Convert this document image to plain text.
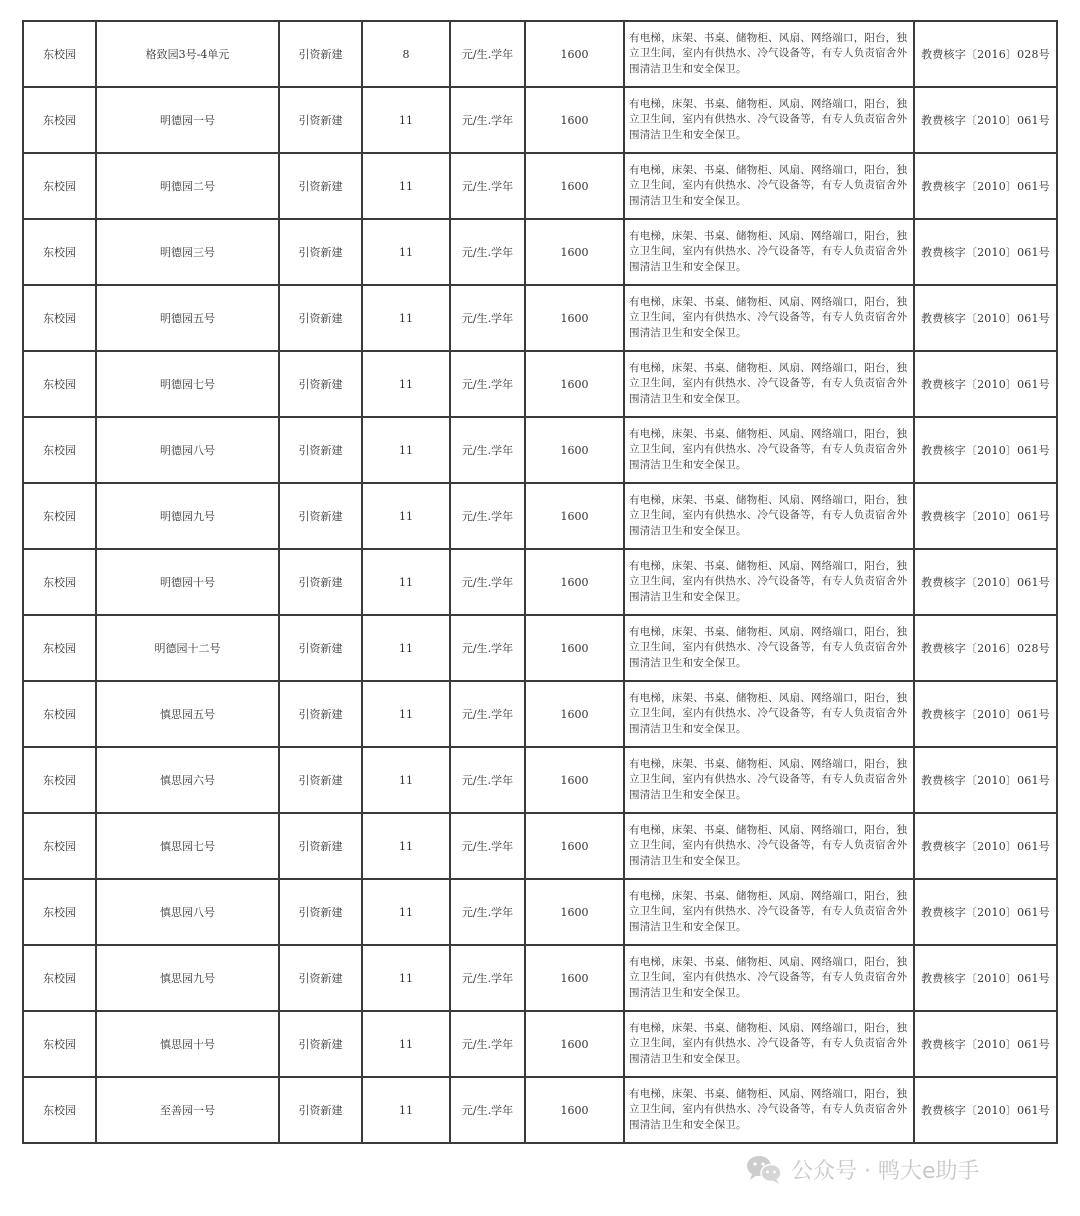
东校园	格致园3号-4单元	引资新建	8	元/生.学年	1600	有电梯，床架、书桌、储物柜、风扇、网络端口，阳台，独立卫生间，室内有供热水、冷气设备等，有专人负责宿舍外围清洁卫生和安全保卫。	教费核字〔2016〕028号
东校园	明德园一号	引资新建	11	元/生.学年	1600	有电梯，床架、书桌、储物柜、风扇、网络端口，阳台，独立卫生间，室内有供热水、冷气设备等，有专人负责宿舍外围清洁卫生和安全保卫。	教费核字〔2010〕061号
东校园	明德园二号	引资新建	11	元/生.学年	1600	有电梯，床架、书桌、储物柜、风扇、网络端口，阳台，独立卫生间，室内有供热水、冷气设备等，有专人负责宿舍外围清洁卫生和安全保卫。	教费核字〔2010〕061号
东校园	明德园三号	引资新建	11	元/生.学年	1600	有电梯，床架、书桌、储物柜、风扇、网络端口，阳台，独立卫生间，室内有供热水、冷气设备等，有专人负责宿舍外围清洁卫生和安全保卫。	教费核字〔2010〕061号
东校园	明德园五号	引资新建	11	元/生.学年	1600	有电梯，床架、书桌、储物柜、风扇、网络端口，阳台，独立卫生间，室内有供热水、冷气设备等，有专人负责宿舍外围清洁卫生和安全保卫。	教费核字〔2010〕061号
东校园	明德园七号	引资新建	11	元/生.学年	1600	有电梯，床架、书桌、储物柜、风扇、网络端口，阳台，独立卫生间，室内有供热水、冷气设备等，有专人负责宿舍外围清洁卫生和安全保卫。	教费核字〔2010〕061号
东校园	明德园八号	引资新建	11	元/生.学年	1600	有电梯，床架、书桌、储物柜、风扇、网络端口，阳台，独立卫生间，室内有供热水、冷气设备等，有专人负责宿舍外围清洁卫生和安全保卫。	教费核字〔2010〕061号
东校园	明德园九号	引资新建	11	元/生.学年	1600	有电梯，床架、书桌、储物柜、风扇、网络端口，阳台，独立卫生间，室内有供热水、冷气设备等，有专人负责宿舍外围清洁卫生和安全保卫。	教费核字〔2010〕061号
东校园	明德园十号	引资新建	11	元/生.学年	1600	有电梯，床架、书桌、储物柜、风扇、网络端口，阳台，独立卫生间，室内有供热水、冷气设备等，有专人负责宿舍外围清洁卫生和安全保卫。	教费核字〔2010〕061号
东校园	明德园十二号	引资新建	11	元/生.学年	1600	有电梯，床架、书桌、储物柜、风扇、网络端口，阳台，独立卫生间，室内有供热水、冷气设备等，有专人负责宿舍外围清洁卫生和安全保卫。	教费核字〔2016〕028号
东校园	慎思园五号	引资新建	11	元/生.学年	1600	有电梯，床架、书桌、储物柜、风扇、网络端口，阳台，独立卫生间，室内有供热水、冷气设备等，有专人负责宿舍外围清洁卫生和安全保卫。	教费核字〔2010〕061号
东校园	慎思园六号	引资新建	11	元/生.学年	1600	有电梯，床架、书桌、储物柜、风扇、网络端口，阳台，独立卫生间，室内有供热水、冷气设备等，有专人负责宿舍外围清洁卫生和安全保卫。	教费核字〔2010〕061号
东校园	慎思园七号	引资新建	11	元/生.学年	1600	有电梯，床架、书桌、储物柜、风扇、网络端口，阳台，独立卫生间，室内有供热水、冷气设备等，有专人负责宿舍外围清洁卫生和安全保卫。	教费核字〔2010〕061号
东校园	慎思园八号	引资新建	11	元/生.学年	1600	有电梯，床架、书桌、储物柜、风扇、网络端口，阳台，独立卫生间，室内有供热水、冷气设备等，有专人负责宿舍外围清洁卫生和安全保卫。	教费核字〔2010〕061号
东校园	慎思园九号	引资新建	11	元/生.学年	1600	有电梯，床架、书桌、储物柜、风扇、网络端口，阳台，独立卫生间，室内有供热水、冷气设备等，有专人负责宿舍外围清洁卫生和安全保卫。	教费核字〔2010〕061号
东校园	慎思园十号	引资新建	11	元/生.学年	1600	有电梯，床架、书桌、储物柜、风扇、网络端口，阳台，独立卫生间，室内有供热水、冷气设备等，有专人负责宿舍外围清洁卫生和安全保卫。	教费核字〔2010〕061号
东校园	至善园一号	引资新建	11	元/生.学年	1600	有电梯，床架、书桌、储物柜、风扇、网络端口，阳台，独立卫生间，室内有供热水、冷气设备等，有专人负责宿舍外围清洁卫生和安全保卫。	教费核字〔2010〕061号
公众号 · 鸭大e助手
